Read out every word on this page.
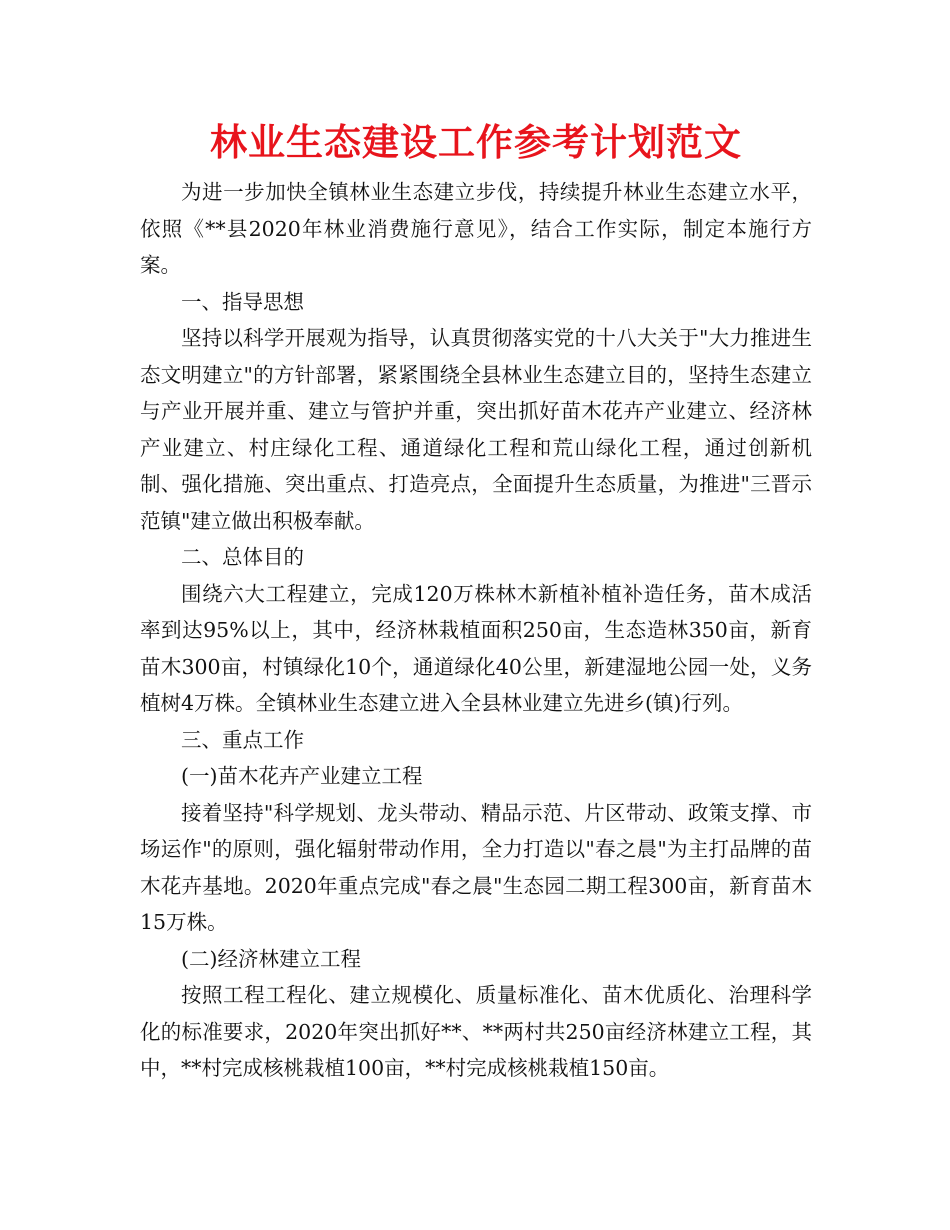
林业生态建设工作参考计划范文

为进一步加快全镇林业生态建立步伐，持续提升林业生态建立水平，依照《**县2020年林业消费施行意见》，结合工作实际，制定本施行方案。

一、指导思想

坚持以科学开展观为指导，认真贯彻落实党的十八大关于"大力推进生态文明建立"的方针部署，紧紧围绕全县林业生态建立目的，坚持生态建立与产业开展并重、建立与管护并重，突出抓好苗木花卉产业建立、经济林产业建立、村庄绿化工程、通道绿化工程和荒山绿化工程，通过创新机制、强化措施、突出重点、打造亮点，全面提升生态质量，为推进"三晋示范镇"建立做出积极奉献。

二、总体目的

围绕六大工程建立，完成120万株林木新植补植补造任务，苗木成活率到达95%以上，其中，经济林栽植面积250亩，生态造林350亩，新育苗木300亩，村镇绿化10个，通道绿化40公里，新建湿地公园一处，义务植树4万株。全镇林业生态建立进入全县林业建立先进乡(镇)行列。

三、重点工作

(一)苗木花卉产业建立工程

接着坚持"科学规划、龙头带动、精品示范、片区带动、政策支撑、市场运作"的原则，强化辐射带动作用，全力打造以"春之晨"为主打品牌的苗木花卉基地。2020年重点完成"春之晨"生态园二期工程300亩，新育苗木15万株。

(二)经济林建立工程

按照工程工程化、建立规模化、质量标准化、苗木优质化、治理科学化的标准要求，2020年突出抓好**、**两村共250亩经济林建立工程，其中，**村完成核桃栽植100亩，**村完成核桃栽植150亩。
